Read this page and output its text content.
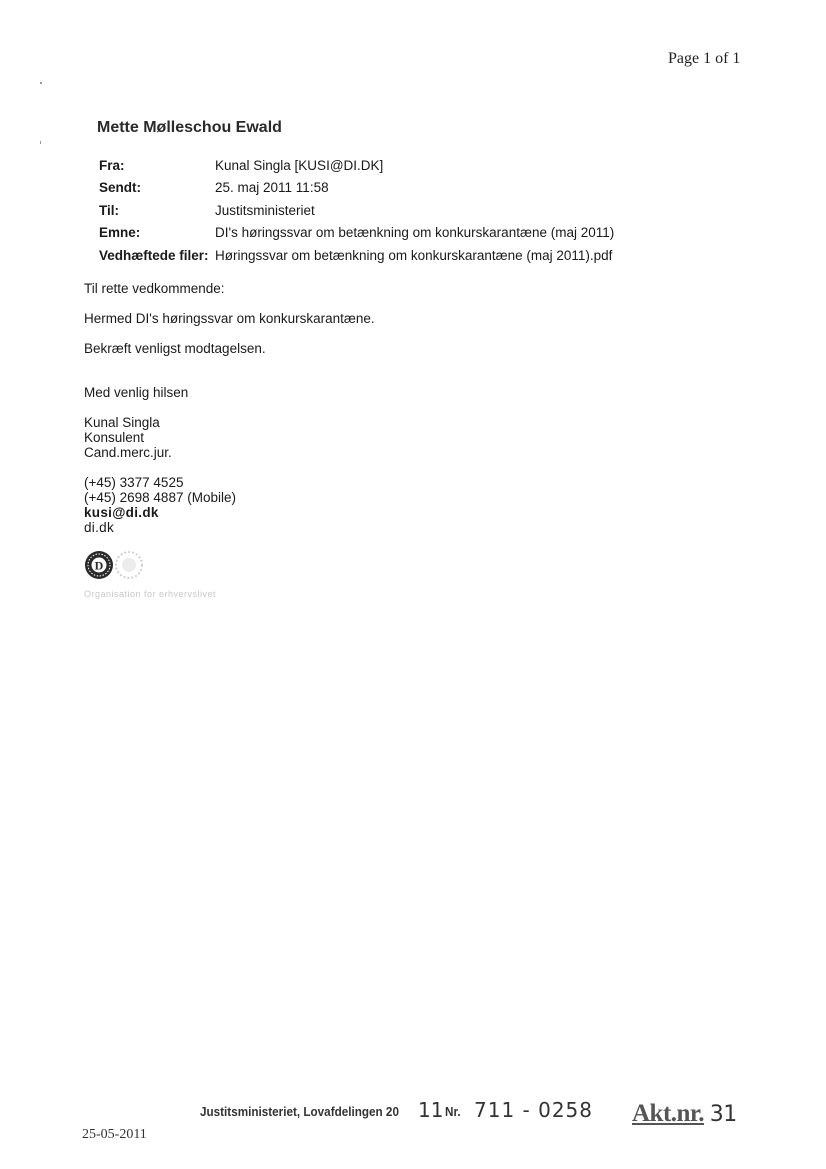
Page 1 of 1
Mette Mølleschou Ewald
Fra:	Kunal Singla [KUSI@DI.DK]
Sendt:	25. maj 2011 11:58
Til:	Justitsministeriet
Emne:	DI's høringssvar om betænkning om konkurskarantæne (maj 2011)
Vedhæftede filer:	Høringssvar om betænkning om konkurskarantæne (maj 2011).pdf
Til rette vedkommende:
Hermed DI's høringssvar om konkurskarantæne.
Bekræft venligst modtagelsen.
Med venlig hilsen
Kunal Singla
Konsulent
Cand.merc.jur.
(+45) 3377 4525
(+45) 2698 4887 (Mobile)
kusi@di.dk
di.dk
D
Organisation for erhvervslivet
Justitsministeriet, Lovafdelingen 20 11 Nr. 711 - 0258 Akt.nr. 31
25-05-2011
